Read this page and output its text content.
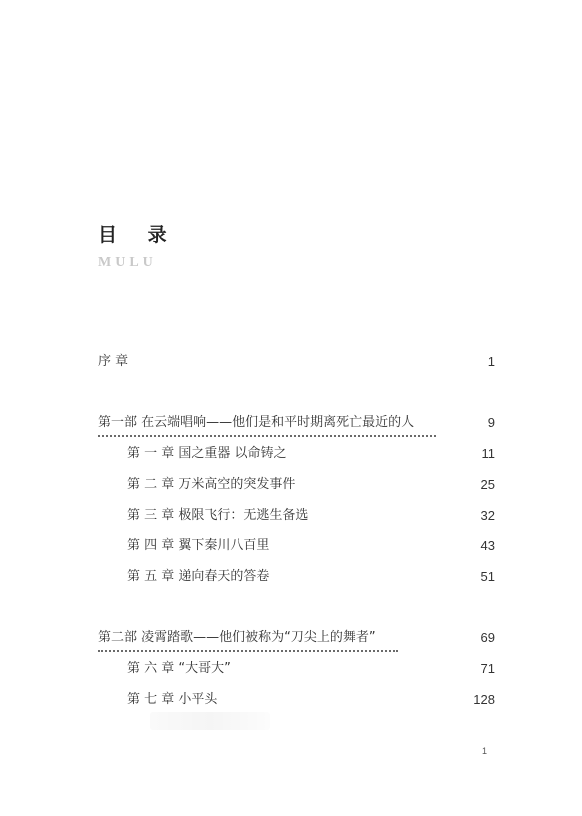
目 录
MULU
序 章	1
第一部 在云端唱响——他们是和平时期离死亡最近的人	9
第 一 章 国之重器 以命铸之	11
第 二 章 万米高空的突发事件	25
第 三 章 极限飞行：无逃生备选	32
第 四 章 翼下秦川八百里	43
第 五 章 递向春天的答卷	51
第二部 凌霄踏歌——他们被称为“刀尖上的舞者”	69
第 六 章 “大哥大”	71
第 七 章 小平头	128
1
